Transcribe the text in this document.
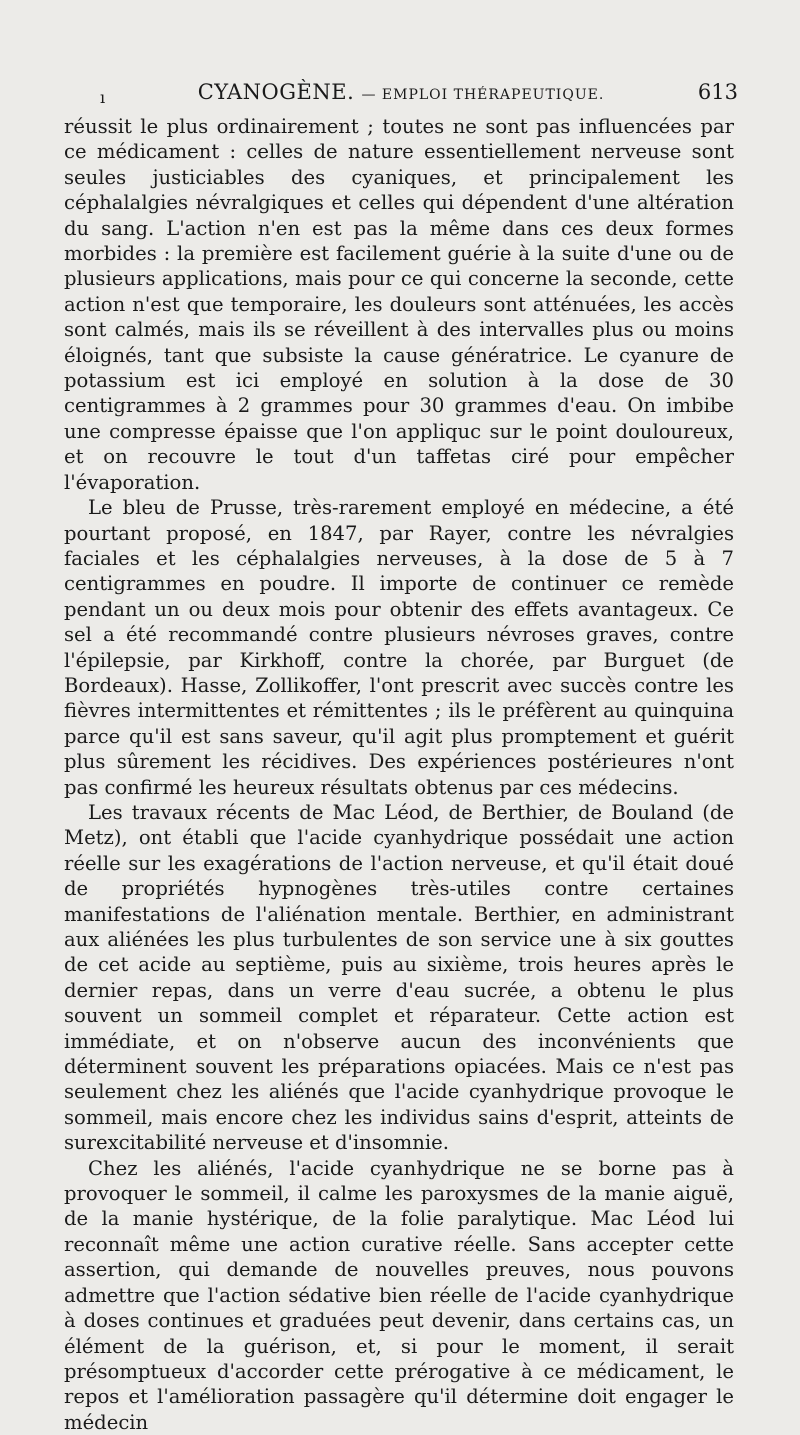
ı	CYANOGÈNE. — EMPLOI THÉRAPEUTIQUE.	613

réussit le plus ordinairement ; toutes ne sont pas influencées par ce médicament : celles de nature essentiellement nerveuse sont seules justiciables des cyaniques, et principalement les céphalalgies névralgiques et celles qui dépendent d'une altération du sang. L'action n'en est pas la même dans ces deux formes morbides : la première est facilement guérie à la suite d'une ou de plusieurs applications, mais pour ce qui concerne la seconde, cette action n'est que temporaire, les douleurs sont atténuées, les accès sont calmés, mais ils se réveillent à des intervalles plus ou moins éloignés, tant que subsiste la cause génératrice. Le cyanure de potassium est ici employé en solution à la dose de 30 centigrammes à 2 grammes pour 30 grammes d'eau. On imbibe une compresse épaisse que l'on appliquc sur le point douloureux, et on recouvre le tout d'un taffetas ciré pour empêcher l'évaporation.

Le bleu de Prusse, très-rarement employé en médecine, a été pourtant proposé, en 1847, par Rayer, contre les névralgies faciales et les céphalalgies nerveuses, à la dose de 5 à 7 centigrammes en poudre. Il importe de continuer ce remède pendant un ou deux mois pour obtenir des effets avantageux. Ce sel a été recommandé contre plusieurs névroses graves, contre l'épilepsie, par Kirkhoff, contre la chorée, par Burguet (de Bordeaux). Hasse, Zollikoffer, l'ont prescrit avec succès contre les fièvres intermittentes et rémittentes ; ils le préfèrent au quinquina parce qu'il est sans saveur, qu'il agit plus promptement et guérit plus sûrement les récidives. Des expériences postérieures n'ont pas confirmé les heureux résultats obtenus par ces médecins.

Les travaux récents de Mac Léod, de Berthier, de Bouland (de Metz), ont établi que l'acide cyanhydrique possédait une action réelle sur les exagérations de l'action nerveuse, et qu'il était doué de propriétés hypnogènes très-utiles contre certaines manifestations de l'aliénation mentale. Berthier, en administrant aux aliénées les plus turbulentes de son service une à six gouttes de cet acide au septième, puis au sixième, trois heures après le dernier repas, dans un verre d'eau sucrée, a obtenu le plus souvent un sommeil complet et réparateur. Cette action est immédiate, et on n'observe aucun des inconvénients que déterminent souvent les préparations opiacées. Mais ce n'est pas seulement chez les aliénés que l'acide cyanhydrique provoque le sommeil, mais encore chez les individus sains d'esprit, atteints de surexcitabilité nerveuse et d'insomnie.

Chez les aliénés, l'acide cyanhydrique ne se borne pas à provoquer le sommeil, il calme les paroxysmes de la manie aiguë, de la manie hystérique, de la folie paralytique. Mac Léod lui reconnaît même une action curative réelle. Sans accepter cette assertion, qui demande de nouvelles preuves, nous pouvons admettre que l'action sédative bien réelle de l'acide cyanhydrique à doses continues et graduées peut devenir, dans certains cas, un élément de la guérison, et, si pour le moment, il serait présomptueux d'accorder cette prérogative à ce médicament, le repos et l'amélioration passagère qu'il détermine doit engager le médecin
